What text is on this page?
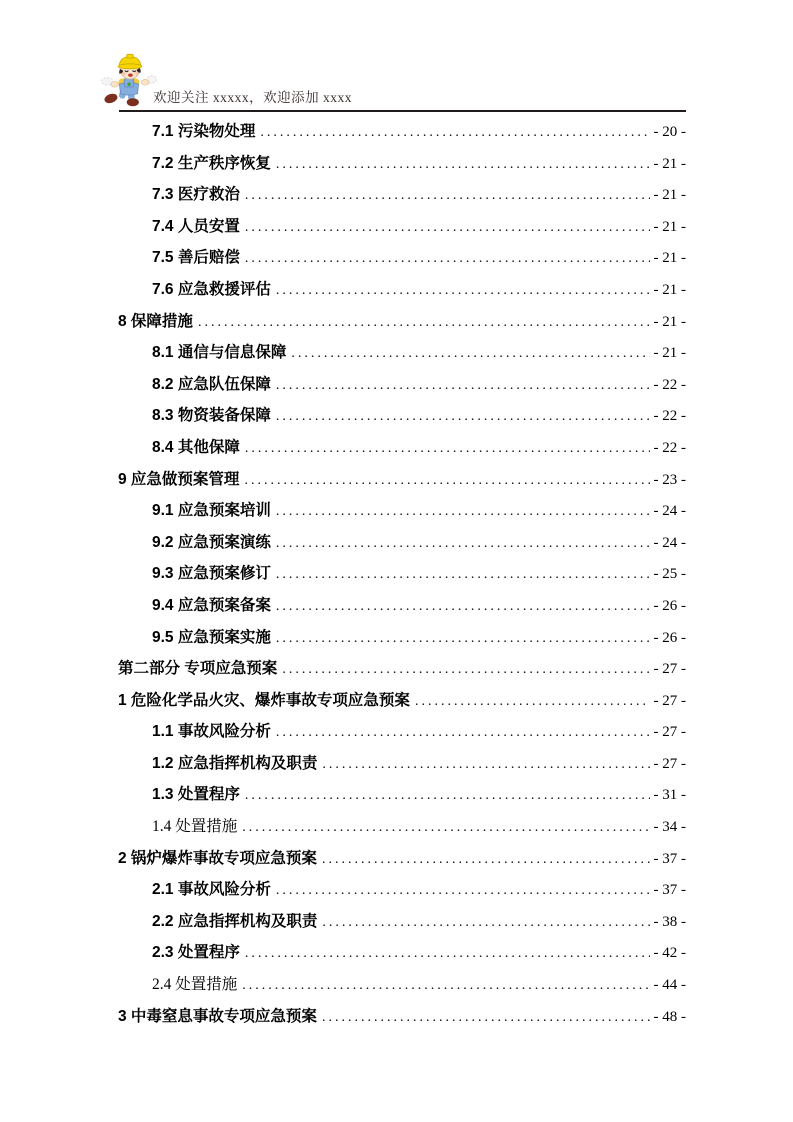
欢迎关注 xxxxx，欢迎添加 xxxx
7.1 污染物处理 .....	- 20 -
7.2 生产秩序恢复 .....	- 21 -
7.3 医疗救治 .....	- 21 -
7.4 人员安置 .....	- 21 -
7.5 善后赔偿 .....	- 21 -
7.6 应急救援评估 .....	- 21 -
8 保障措施 .....	- 21 -
8.1 通信与信息保障 .....	- 21 -
8.2 应急队伍保障 .....	- 22 -
8.3 物资装备保障 .....	- 22 -
8.4 其他保障 .....	- 22 -
9 应急做预案管理 .....	- 23 -
9.1 应急预案培训 .....	- 24 -
9.2 应急预案演练 .....	- 24 -
9.3 应急预案修订 .....	- 25 -
9.4 应急预案备案 .....	- 26 -
9.5 应急预案实施 .....	- 26 -
第二部分 专项应急预案 .....	- 27 -
1 危险化学品火灾、爆炸事故专项应急预案 .....	- 27 -
1.1 事故风险分析 .....	- 27 -
1.2 应急指挥机构及职责 .....	- 27 -
1.3 处置程序 .....	- 31 -
1.4 处置措施 .....	- 34 -
2 锅炉爆炸事故专项应急预案 .....	- 37 -
2.1 事故风险分析 .....	- 37 -
2.2 应急指挥机构及职责 .....	- 38 -
2.3 处置程序 .....	- 42 -
2.4 处置措施 .....	- 44 -
3 中毒窒息事故专项应急预案 .....	- 48 -
